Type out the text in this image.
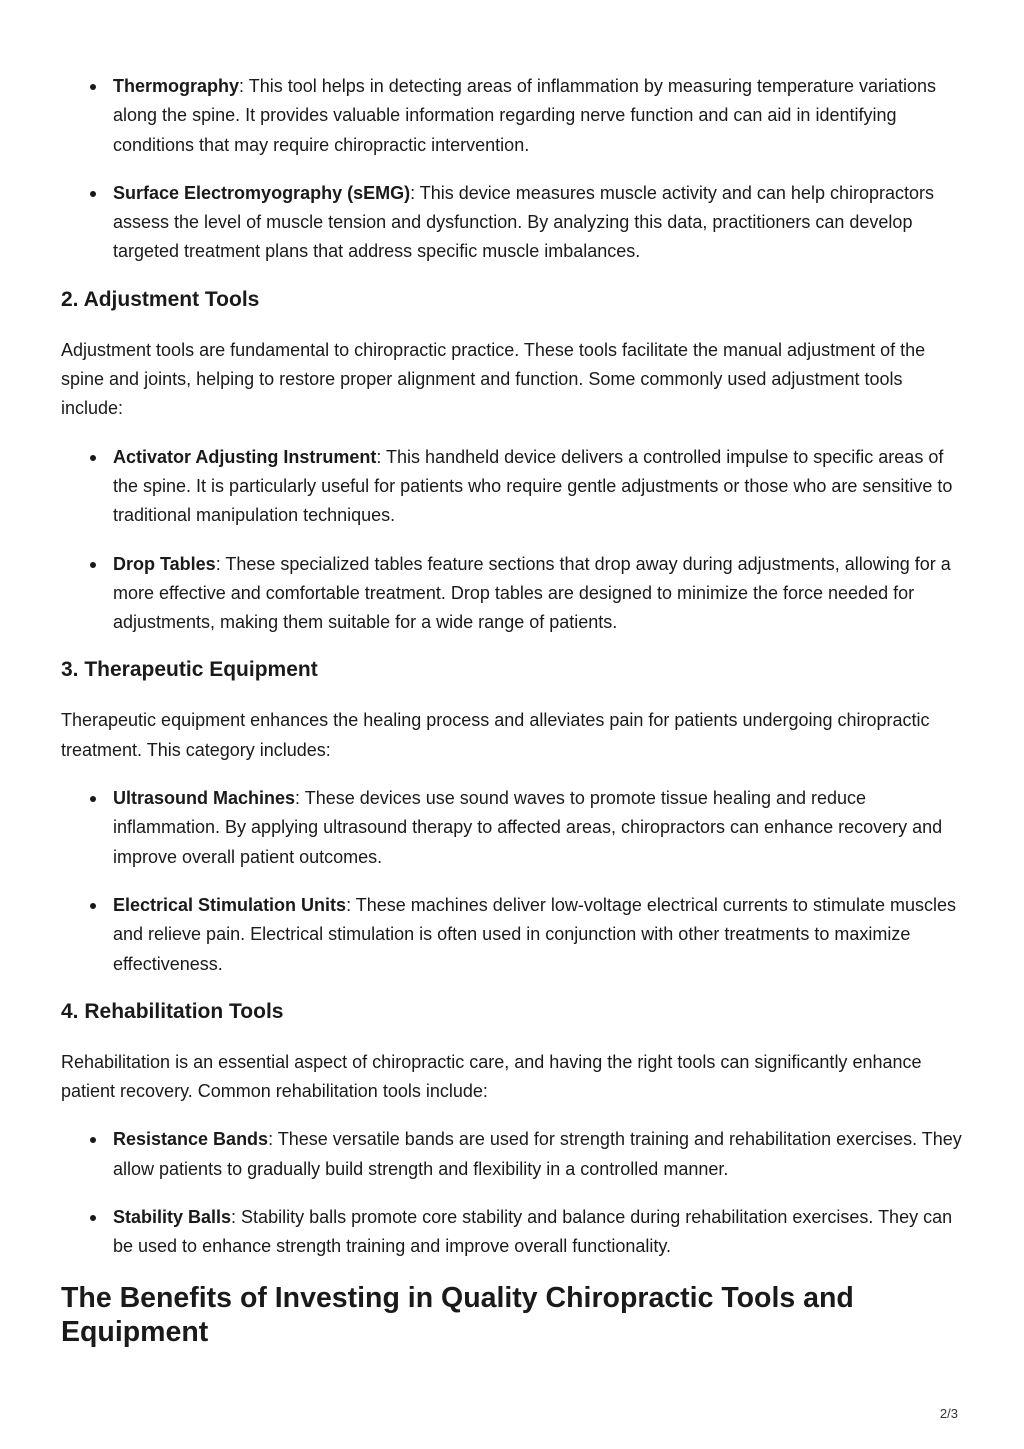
Thermography: This tool helps in detecting areas of inflammation by measuring temperature variations along the spine. It provides valuable information regarding nerve function and can aid in identifying conditions that may require chiropractic intervention.
Surface Electromyography (sEMG): This device measures muscle activity and can help chiropractors assess the level of muscle tension and dysfunction. By analyzing this data, practitioners can develop targeted treatment plans that address specific muscle imbalances.
2. Adjustment Tools

Adjustment tools are fundamental to chiropractic practice. These tools facilitate the manual adjustment of the spine and joints, helping to restore proper alignment and function. Some commonly used adjustment tools include:

Activator Adjusting Instrument: This handheld device delivers a controlled impulse to specific areas of the spine. It is particularly useful for patients who require gentle adjustments or those who are sensitive to traditional manipulation techniques.
Drop Tables: These specialized tables feature sections that drop away during adjustments, allowing for a more effective and comfortable treatment. Drop tables are designed to minimize the force needed for adjustments, making them suitable for a wide range of patients.
3. Therapeutic Equipment

Therapeutic equipment enhances the healing process and alleviates pain for patients undergoing chiropractic treatment. This category includes:

Ultrasound Machines: These devices use sound waves to promote tissue healing and reduce inflammation. By applying ultrasound therapy to affected areas, chiropractors can enhance recovery and improve overall patient outcomes.
Electrical Stimulation Units: These machines deliver low-voltage electrical currents to stimulate muscles and relieve pain. Electrical stimulation is often used in conjunction with other treatments to maximize effectiveness.
4. Rehabilitation Tools

Rehabilitation is an essential aspect of chiropractic care, and having the right tools can significantly enhance patient recovery. Common rehabilitation tools include:

Resistance Bands: These versatile bands are used for strength training and rehabilitation exercises. They allow patients to gradually build strength and flexibility in a controlled manner.
Stability Balls: Stability balls promote core stability and balance during rehabilitation exercises. They can be used to enhance strength training and improve overall functionality.
The Benefits of Investing in Quality Chiropractic Tools and Equipment
2/3
